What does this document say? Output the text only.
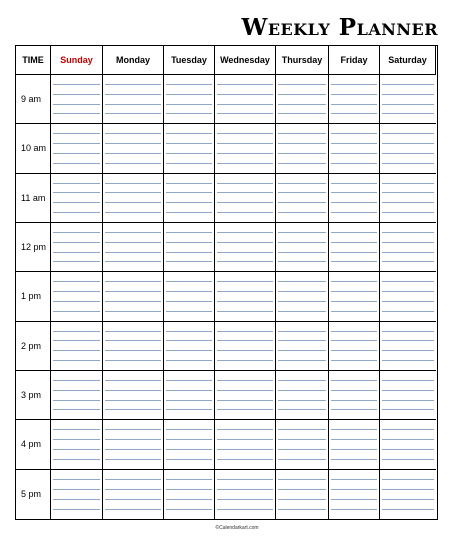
Weekly Planner
TIME	Sunday	Monday	Tuesday	Wednesday	Thursday	Friday	Saturday
9 am
10 am
11 am
12 pm
1 pm
2 pm
3 pm
4 pm
5 pm
©Calendarkart.com
